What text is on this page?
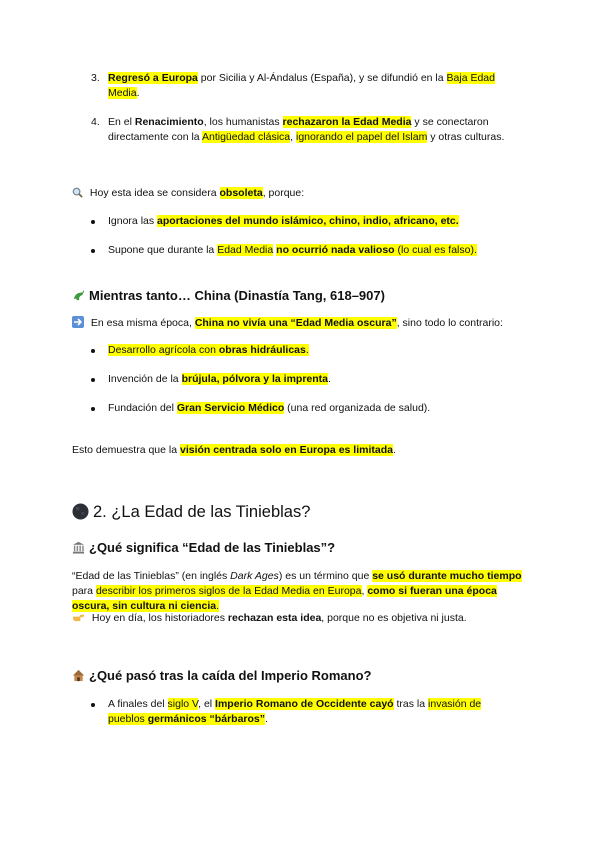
3. Regresó a Europa por Sicilia y Al-Ándalus (España), y se difundió en la Baja Edad Media.
4. En el Renacimiento, los humanistas rechazaron la Edad Media y se conectaron directamente con la Antigüedad clásica, ignorando el papel del Islam y otras culturas.
Hoy esta idea se considera obsoleta, porque:
Ignora las aportaciones del mundo islámico, chino, indio, africano, etc.
Supone que durante la Edad Media no ocurrió nada valioso (lo cual es falso).
Mientras tanto… China (Dinastía Tang, 618–907)
En esa misma época, China no vivía una “Edad Media oscura”, sino todo lo contrario:
Desarrollo agrícola con obras hidráulicas.
Invención de la brújula, pólvora y la imprenta.
Fundación del Gran Servicio Médico (una red organizada de salud).
Esto demuestra que la visión centrada solo en Europa es limitada.
2. ¿La Edad de las Tinieblas?
¿Qué significa “Edad de las Tinieblas”?
“Edad de las Tinieblas” (en inglés Dark Ages) es un término que se usó durante mucho tiempo para describir los primeros siglos de la Edad Media en Europa, como si fueran una época oscura, sin cultura ni ciencia.
Hoy en día, los historiadores rechazan esta idea, porque no es objetiva ni justa.
¿Qué pasó tras la caída del Imperio Romano?
A finales del siglo V, el Imperio Romano de Occidente cayó tras la invasión de pueblos germánicos “bárbaros”.
